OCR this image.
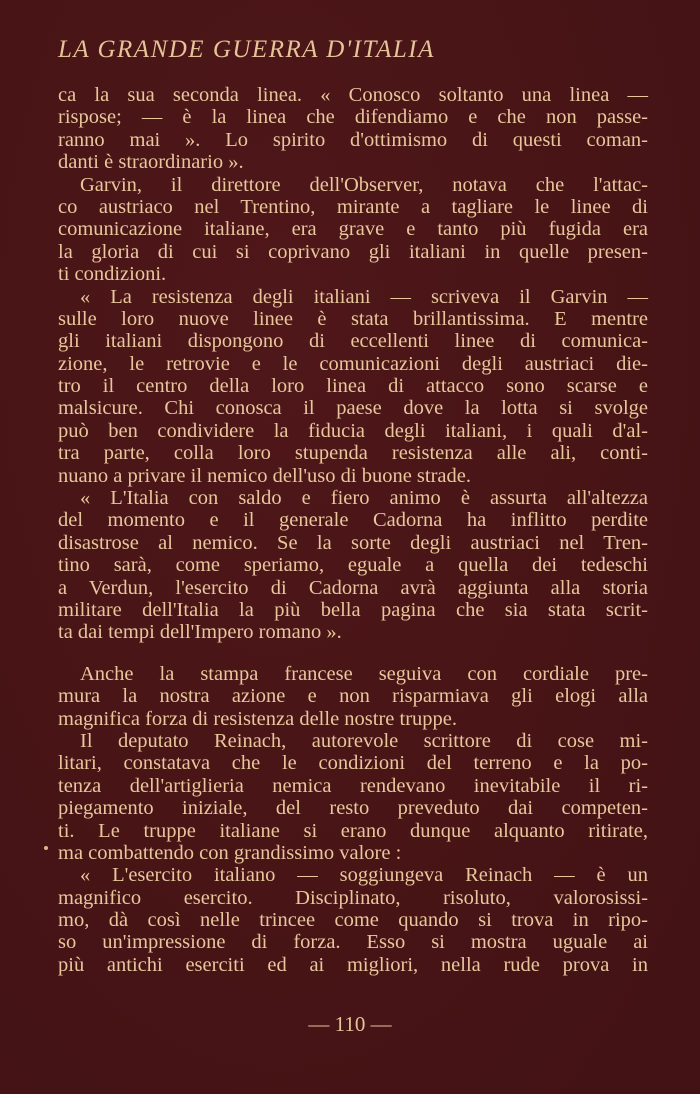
LA GRANDE GUERRA D'ITALIA
ca la sua seconda linea. « Conosco soltanto una linea —
rispose; — è la linea che difendiamo e che non passe-
ranno mai ». Lo spirito d'ottimismo di questi coman-
danti è straordinario ».
Garvin, il direttore dell'Observer, notava che l'attac-
co austriaco nel Trentino, mirante a tagliare le linee di
comunicazione italiane, era grave e tanto più fugida era
la gloria di cui si coprivano gli italiani in quelle presen-
ti condizioni.
« La resistenza degli italiani — scriveva il Garvin —
sulle loro nuove linee è stata brillantissima. E mentre
gli italiani dispongono di eccellenti linee di comunica-
zione, le retrovie e le comunicazioni degli austriaci die-
tro il centro della loro linea di attacco sono scarse e
malsicure. Chi conosca il paese dove la lotta si svolge
può ben condividere la fiducia degli italiani, i quali d'al-
tra parte, colla loro stupenda resistenza alle ali, conti-
nuano a privare il nemico dell'uso di buone strade.
« L'Italia con saldo e fiero animo è assurta all'altezza
del momento e il generale Cadorna ha inflitto perdite
disastrose al nemico. Se la sorte degli austriaci nel Tren-
tino sarà, come speriamo, eguale a quella dei tedeschi
a Verdun, l'esercito di Cadorna avrà aggiunta alla storia
militare dell'Italia la più bella pagina che sia stata scrit-
ta dai tempi dell'Impero romano ».
Anche la stampa francese seguiva con cordiale pre-
mura la nostra azione e non risparmiava gli elogi alla
magnifica forza di resistenza delle nostre truppe.
Il deputato Reinach, autorevole scrittore di cose mi-
litari, constatava che le condizioni del terreno e la po-
tenza dell'artiglieria nemica rendevano inevitabile il ri-
piegamento iniziale, del resto preveduto dai competen-
ti. Le truppe italiane si erano dunque alquanto ritirate,
ma combattendo con grandissimo valore :
« L'esercito italiano — soggiungeva Reinach — è un
magnifico esercito. Disciplinato, risoluto, valorosissi-
mo, dà così nelle trincee come quando si trova in ripo-
so un'impressione di forza. Esso si mostra uguale ai
più antichi eserciti ed ai migliori, nella rude prova in
— 110 —
